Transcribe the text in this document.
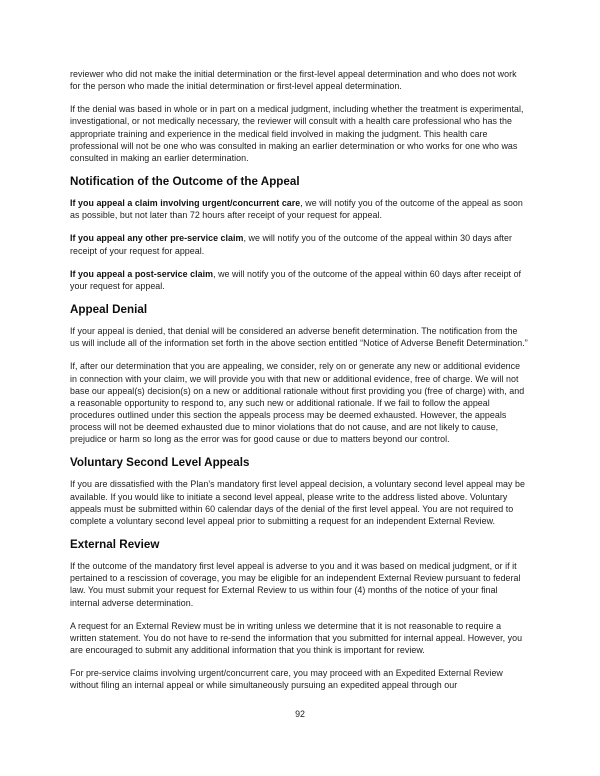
reviewer who did not make the initial determination or the first-level appeal determination and who does not work for the person who made the initial determination or first-level appeal determination.

If the denial was based in whole or in part on a medical judgment, including whether the treatment is experimental, investigational, or not medically necessary, the reviewer will consult with a health care professional who has the appropriate training and experience in the medical field involved in making the judgment. This health care professional will not be one who was consulted in making an earlier determination or who works for one who was consulted in making an earlier determination.

Notification of the Outcome of the Appeal

If you appeal a claim involving urgent/concurrent care, we will notify you of the outcome of the appeal as soon as possible, but not later than 72 hours after receipt of your request for appeal.

If you appeal any other pre-service claim, we will notify you of the outcome of the appeal within 30 days after receipt of your request for appeal.

If you appeal a post-service claim, we will notify you of the outcome of the appeal within 60 days after receipt of your request for appeal.

Appeal Denial

If your appeal is denied, that denial will be considered an adverse benefit determination. The notification from the us will include all of the information set forth in the above section entitled “Notice of Adverse Benefit Determination.”

If, after our determination that you are appealing, we consider, rely on or generate any new or additional evidence in connection with your claim, we will provide you with that new or additional evidence, free of charge. We will not base our appeal(s) decision(s) on a new or additional rationale without first providing you (free of charge) with, and a reasonable opportunity to respond to, any such new or additional rationale. If we fail to follow the appeal procedures outlined under this section the appeals process may be deemed exhausted. However, the appeals process will not be deemed exhausted due to minor violations that do not cause, and are not likely to cause, prejudice or harm so long as the error was for good cause or due to matters beyond our control.

Voluntary Second Level Appeals

If you are dissatisfied with the Plan’s mandatory first level appeal decision, a voluntary second level appeal may be available. If you would like to initiate a second level appeal, please write to the address listed above. Voluntary appeals must be submitted within 60 calendar days of the denial of the first level appeal. You are not required to complete a voluntary second level appeal prior to submitting a request for an independent External Review.

External Review

If the outcome of the mandatory first level appeal is adverse to you and it was based on medical judgment, or if it pertained to a rescission of coverage, you may be eligible for an independent External Review pursuant to federal law. You must submit your request for External Review to us within four (4) months of the notice of your final internal adverse determination.

A request for an External Review must be in writing unless we determine that it is not reasonable to require a written statement. You do not have to re-send the information that you submitted for internal appeal. However, you are encouraged to submit any additional information that you think is important for review.

For pre-service claims involving urgent/concurrent care, you may proceed with an Expedited External Review without filing an internal appeal or while simultaneously pursuing an expedited appeal through our

92
